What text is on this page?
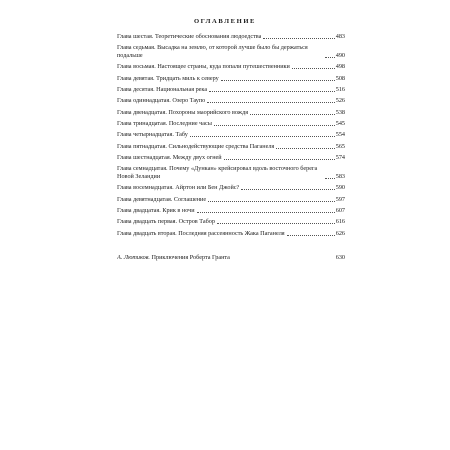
ОГЛАВЛЕНИЕ
Глава шестая. Теоретические обоснования людоедства	483
Глава седьмая. Высадка на землю, от которой лучше было бы держаться подальше	490
Глава восьмая. Настоящее страны, куда попали путешественники	498
Глава девятая. Тридцать миль к северу	508
Глава десятая. Национальная река	516
Глава одиннадцатая. Озеро Таупо	526
Глава двенадцатая. Похороны маорийского вождя	538
Глава тринадцатая. Последние часы	545
Глава четырнадцатая. Табу	554
Глава пятнадцатая. Сильнодействующие средства Паганеля	565
Глава шестнадцатая. Между двух огней	574
Глава семнадцатая. Почему «Дункан» крейсировал вдоль восточного берега Новой Зеландии	583
Глава восемнадцатая. Айртон или Бен Джойс?	590
Глава девятнадцатая. Соглашение	597
Глава двадцатая. Крик в ночи	607
Глава двадцать первая. Остров Табор	616
Глава двадцать вторая. Последняя рассеянность Жака Паганеля	626
А. Лютиков. Приключения Роберта Гранта	630
